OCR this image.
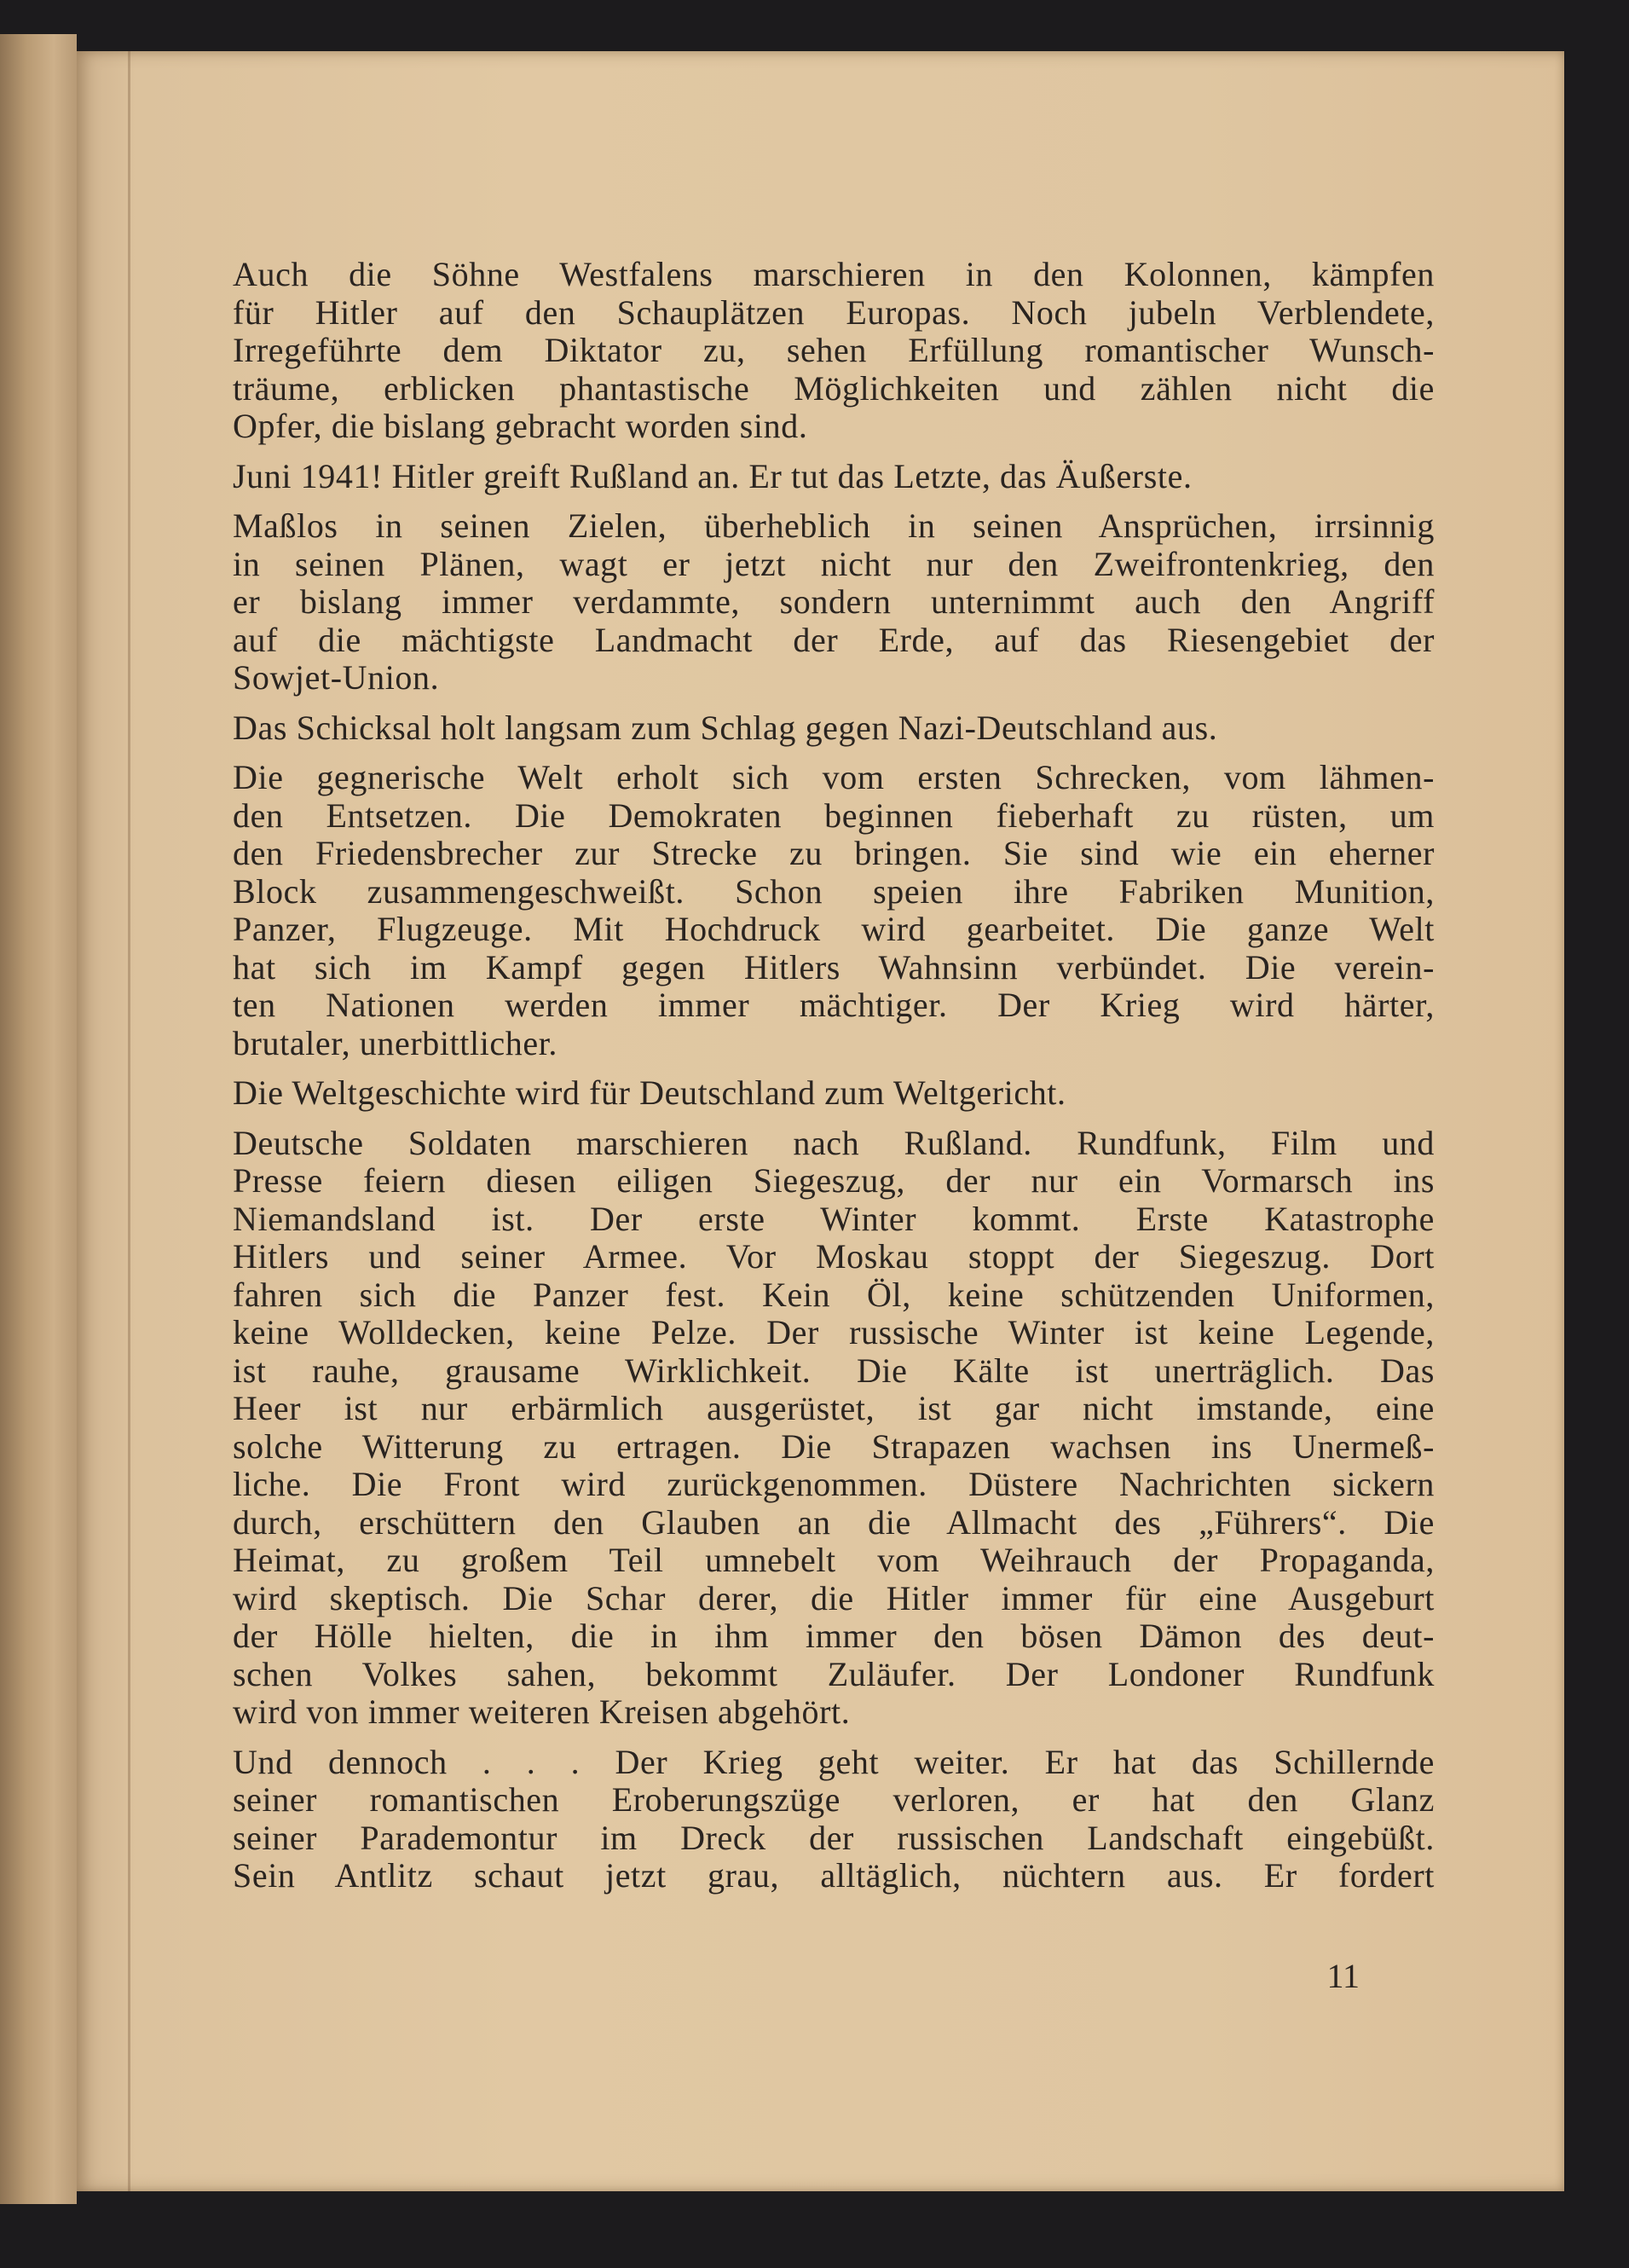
Auch die Söhne Westfalens marschieren in den Kolonnen, kämpfen
für Hitler auf den Schauplätzen Europas. Noch jubeln Verblendete,
Irregeführte dem Diktator zu, sehen Erfüllung romantischer Wunsch-
träume, erblicken phantastische Möglichkeiten und zählen nicht die
Opfer, die bislang gebracht worden sind.

Juni 1941! Hitler greift Rußland an. Er tut das Letzte, das Äußerste.

Maßlos in seinen Zielen, überheblich in seinen Ansprüchen, irrsinnig
in seinen Plänen, wagt er jetzt nicht nur den Zweifrontenkrieg, den
er bislang immer verdammte, sondern unternimmt auch den Angriff
auf die mächtigste Landmacht der Erde, auf das Riesengebiet der
Sowjet-Union.

Das Schicksal holt langsam zum Schlag gegen Nazi-Deutschland aus.

Die gegnerische Welt erholt sich vom ersten Schrecken, vom lähmen-
den Entsetzen. Die Demokraten beginnen fieberhaft zu rüsten, um
den Friedensbrecher zur Strecke zu bringen. Sie sind wie ein eherner
Block zusammengeschweißt. Schon speien ihre Fabriken Munition,
Panzer, Flugzeuge. Mit Hochdruck wird gearbeitet. Die ganze Welt
hat sich im Kampf gegen Hitlers Wahnsinn verbündet. Die verein-
ten Nationen werden immer mächtiger. Der Krieg wird härter,
brutaler, unerbittlicher.

Die Weltgeschichte wird für Deutschland zum Weltgericht.

Deutsche Soldaten marschieren nach Rußland. Rundfunk, Film und
Presse feiern diesen eiligen Siegeszug, der nur ein Vormarsch ins
Niemandsland ist. Der erste Winter kommt. Erste Katastrophe
Hitlers und seiner Armee. Vor Moskau stoppt der Siegeszug. Dort
fahren sich die Panzer fest. Kein Öl, keine schützenden Uniformen,
keine Wolldecken, keine Pelze. Der russische Winter ist keine Legende,
ist rauhe, grausame Wirklichkeit. Die Kälte ist unerträglich. Das
Heer ist nur erbärmlich ausgerüstet, ist gar nicht imstande, eine
solche Witterung zu ertragen. Die Strapazen wachsen ins Unermeß-
liche. Die Front wird zurückgenommen. Düstere Nachrichten sickern
durch, erschüttern den Glauben an die Allmacht des „Führers“. Die
Heimat, zu großem Teil umnebelt vom Weihrauch der Propaganda,
wird skeptisch. Die Schar derer, die Hitler immer für eine Ausgeburt
der Hölle hielten, die in ihm immer den bösen Dämon des deut-
schen Volkes sahen, bekommt Zuläufer. Der Londoner Rundfunk
wird von immer weiteren Kreisen abgehört.

Und dennoch . . . Der Krieg geht weiter. Er hat das Schillernde
seiner romantischen Eroberungszüge verloren, er hat den Glanz
seiner Parademontur im Dreck der russischen Landschaft eingebüßt.
Sein Antlitz schaut jetzt grau, alltäglich, nüchtern aus. Er fordert

11
